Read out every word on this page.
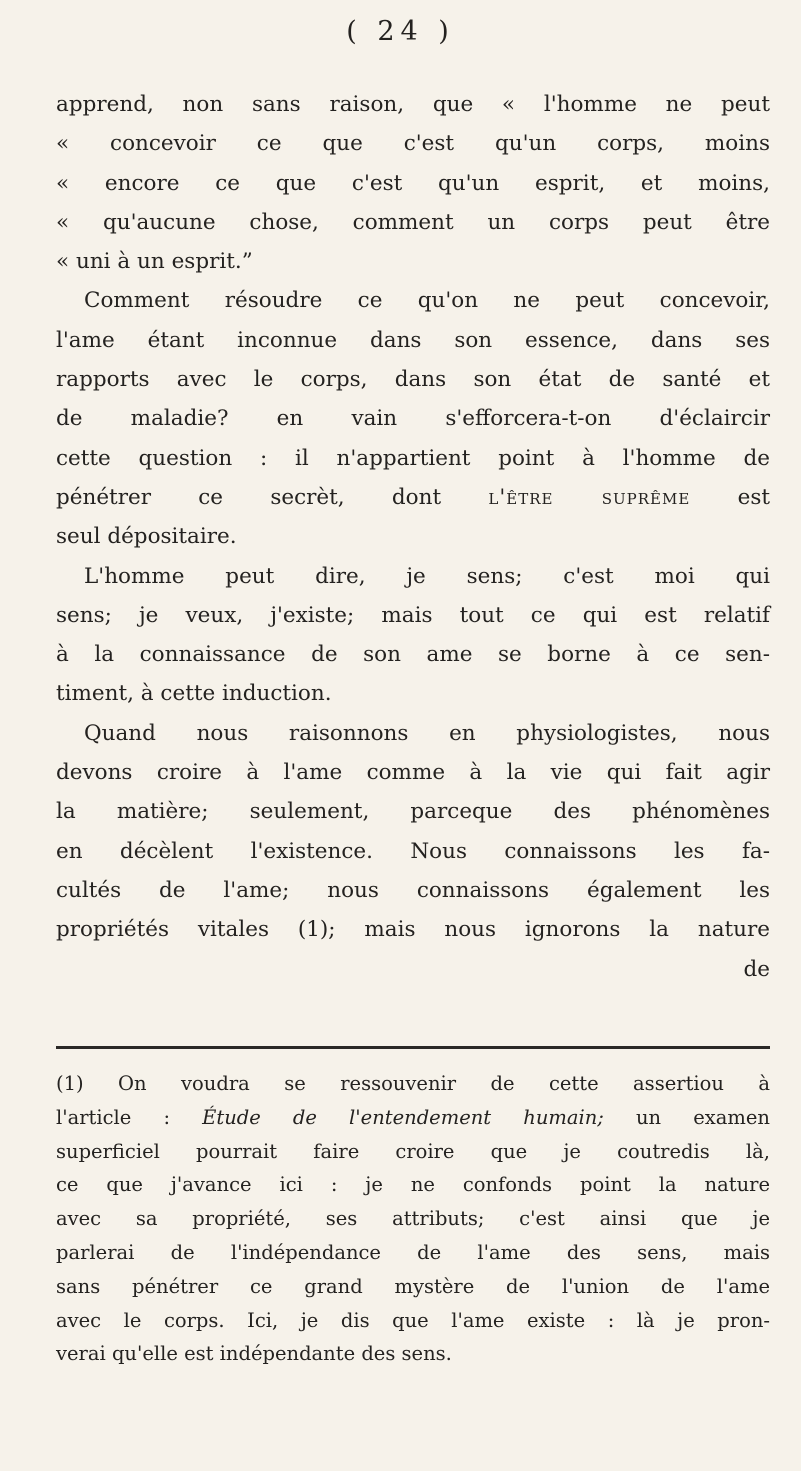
( 24 )
apprend, non sans raison, que « l'homme ne peut
« concevoir ce que c'est qu'un corps, moins
« encore ce que c'est qu'un esprit, et moins,
« qu'aucune chose, comment un corps peut être
« uni à un esprit.”
Comment résoudre ce qu'on ne peut concevoir,
l'ame étant inconnue dans son essence, dans ses
rapports avec le corps, dans son état de santé et
de maladie? en vain s'efforcera-t-on d'éclaircir
cette question : il n'appartient point à l'homme de
pénétrer ce secrèt, dont l'être suprême est
seul dépositaire.
L'homme peut dire, je sens; c'est moi qui
sens; je veux, j'existe; mais tout ce qui est relatif
à la connaissance de son ame se borne à ce sen-
timent, à cette induction.
Quand nous raisonnons en physiologistes, nous
devons croire à l'ame comme à la vie qui fait agir
la matière; seulement, parceque des phénomènes
en décèlent l'existence. Nous connaissons les fa-
cultés de l'ame; nous connaissons également les
propriétés vitales (1); mais nous ignorons la nature
de
(1) On voudra se ressouvenir de cette assertiou à
l'article : Étude de l'entendement humain; un examen
superficiel pourrait faire croire que je coutredis là,
ce que j'avance ici : je ne confonds point la nature
avec sa propriété, ses attributs; c'est ainsi que je
parlerai de l'indépendance de l'ame des sens, mais
sans pénétrer ce grand mystère de l'union de l'ame
avec le corps. Ici, je dis que l'ame existe : là je pron-
verai qu'elle est indépendante des sens.
